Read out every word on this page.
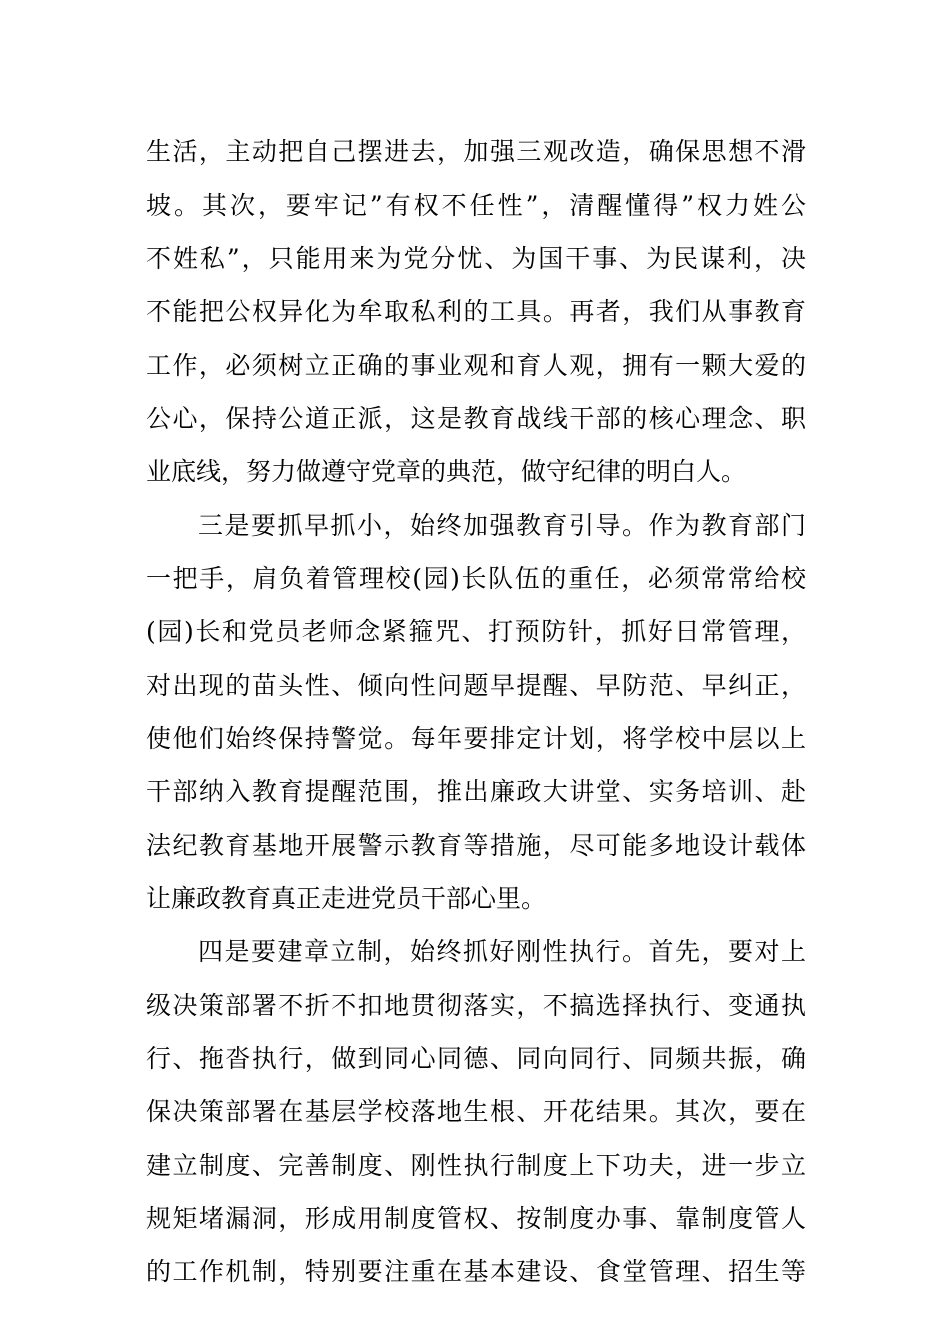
生活，主动把自己摆进去，加强三观改造，确保思想不滑
坡。其次，要牢记”有权不任性”，清醒懂得”权力姓公
不姓私”，只能用来为党分忧、为国干事、为民谋利，决
不能把公权异化为牟取私利的工具。再者，我们从事教育
工作，必须树立正确的事业观和育人观，拥有一颗大爱的
公心，保持公道正派，这是教育战线干部的核心理念、职
业底线，努力做遵守党章的典范，做守纪律的明白人。
三是要抓早抓小，始终加强教育引导。作为教育部门
一把手，肩负着管理校(园)长队伍的重任，必须常常给校
(园)长和党员老师念紧箍咒、打预防针，抓好日常管理，
对出现的苗头性、倾向性问题早提醒、早防范、早纠正，
使他们始终保持警觉。每年要排定计划，将学校中层以上
干部纳入教育提醒范围，推出廉政大讲堂、实务培训、赴
法纪教育基地开展警示教育等措施，尽可能多地设计载体
让廉政教育真正走进党员干部心里。
四是要建章立制，始终抓好刚性执行。首先，要对上
级决策部署不折不扣地贯彻落实，不搞选择执行、变通执
行、拖沓执行，做到同心同德、同向同行、同频共振，确
保决策部署在基层学校落地生根、开花结果。其次，要在
建立制度、完善制度、刚性执行制度上下功夫，进一步立
规矩堵漏洞，形成用制度管权、按制度办事、靠制度管人
的工作机制，特别要注重在基本建设、食堂管理、招生等
